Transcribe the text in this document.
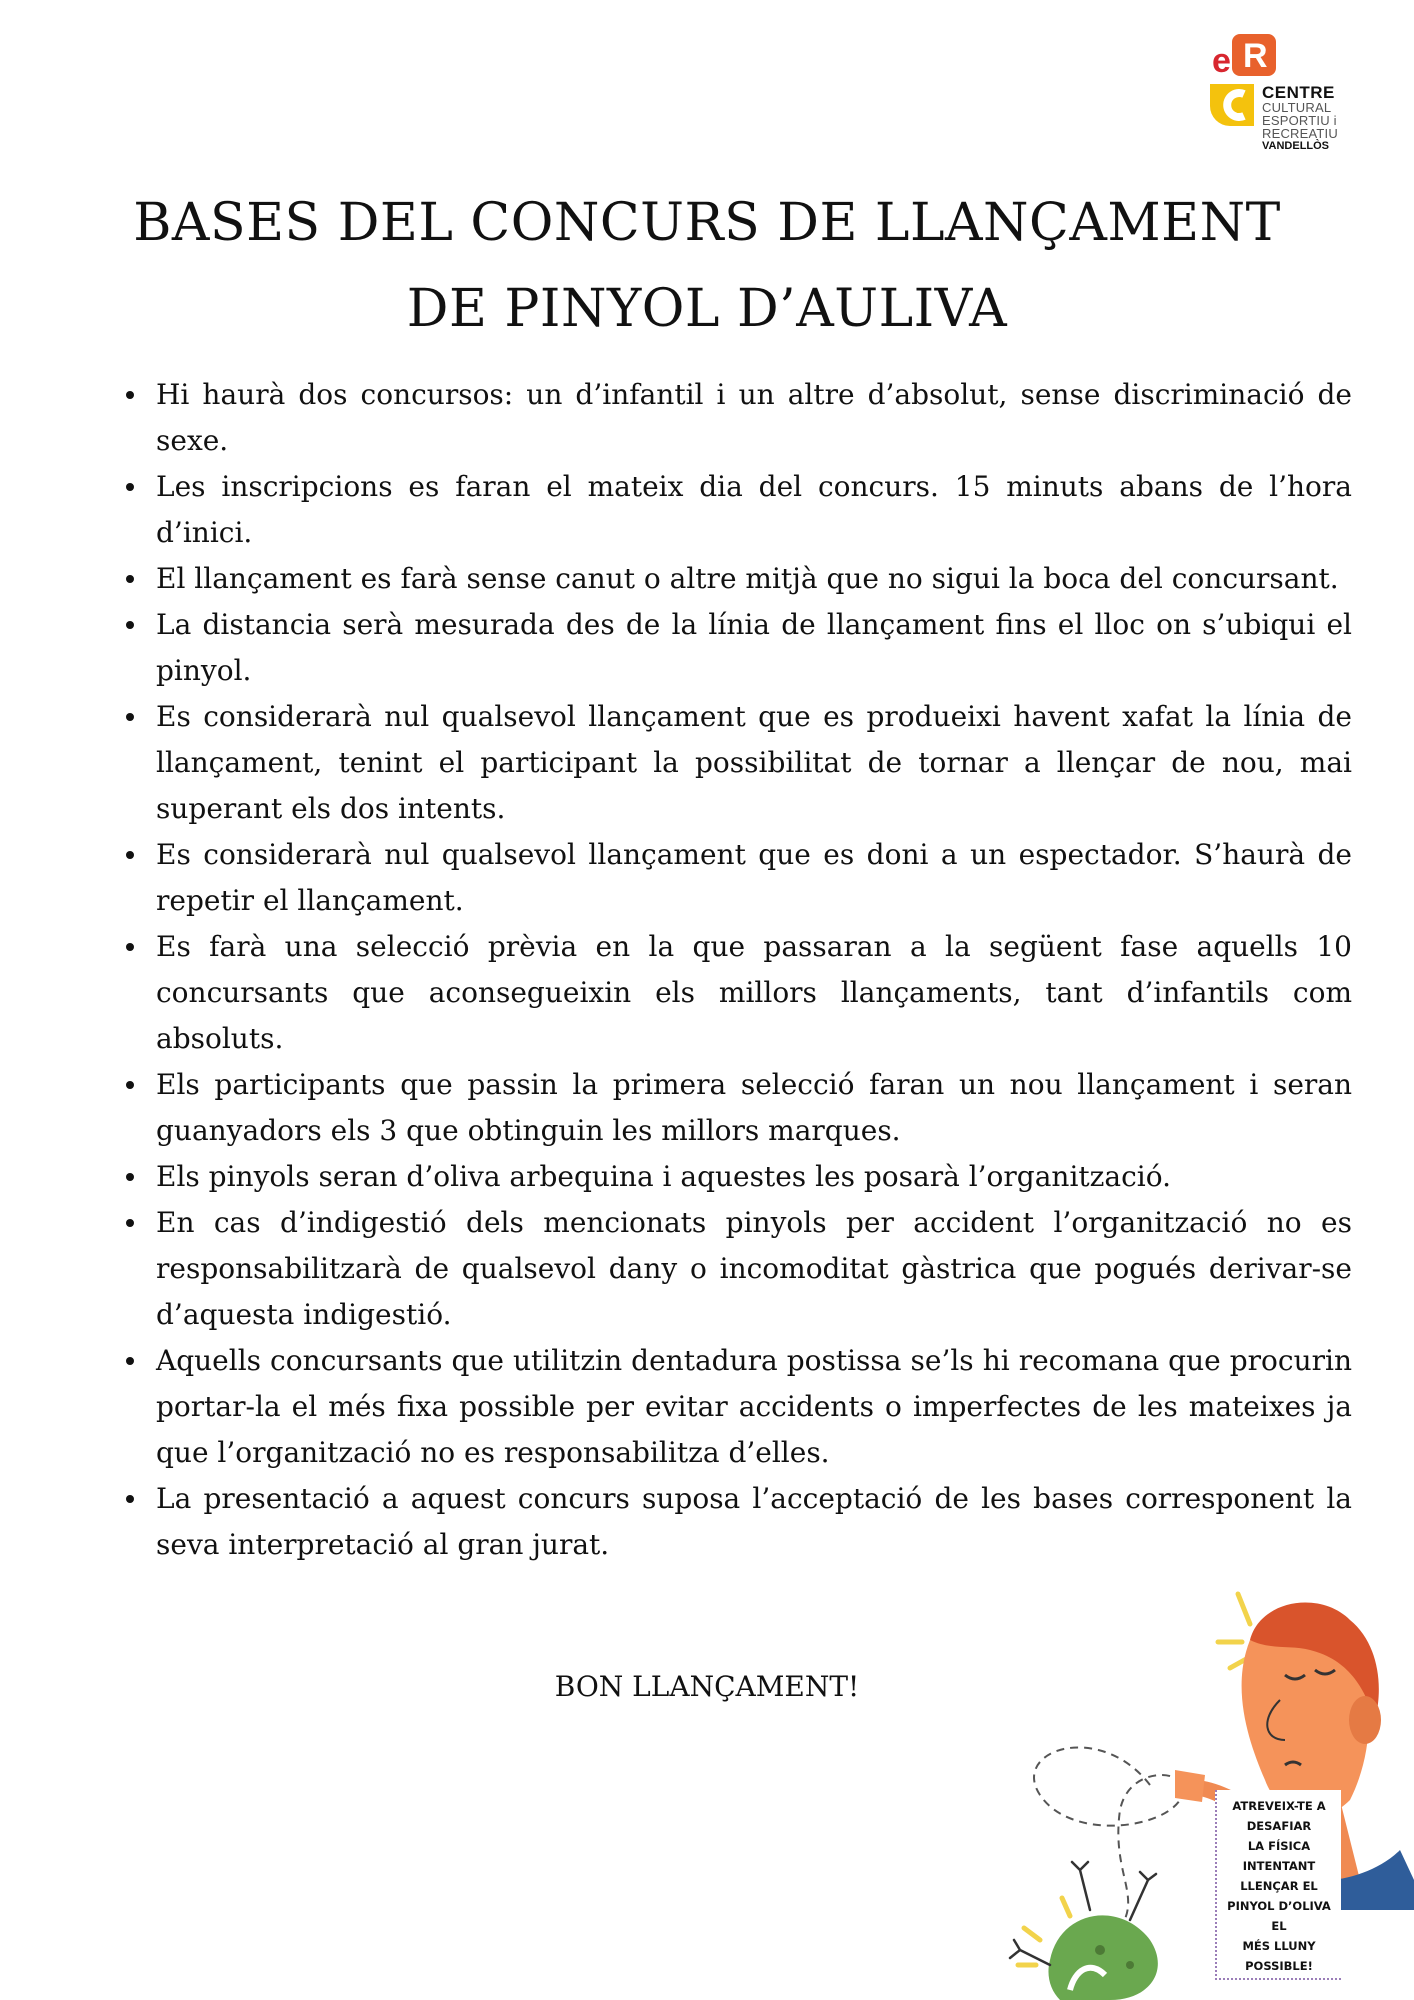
R
e
CENTRE
CULTURAL
ESPORTIU i
RECREATIU
VANDELLÒS
BASES DEL CONCURS DE LLANÇAMENT
DE PINYOL D’AULIVA
Hi haurà dos concursos: un d’infantil i un altre d’absolut, sense discriminació de sexe.
Les inscripcions es faran el mateix dia del concurs. 15 minuts abans de l’hora d’inici.
El llançament es farà sense canut o altre mitjà que no sigui la boca del concursant.
La distancia serà mesurada des de la línia de llançament fins el lloc on s’ubiqui el pinyol.
Es considerarà nul qualsevol llançament que es produeixi havent xafat la línia de llançament, tenint el participant la possibilitat de tornar a llençar de nou, mai superant els dos intents.
Es considerarà nul qualsevol llançament que es doni a un espectador. S’haurà de repetir el llançament.
Es farà una selecció prèvia en la que passaran a la següent fase aquells 10 concursants que aconsegueixin els millors llançaments, tant d’infantils com absoluts.
Els participants que passin la primera selecció faran un nou llançament i seran guanyadors els 3 que obtinguin les millors marques.
Els pinyols seran d’oliva arbequina i aquestes les posarà l’organització.
En cas d’indigestió dels mencionats pinyols per accident l’organització no es responsabilitzarà de qualsevol dany o incomoditat gàstrica que pogués derivar-se d’aquesta indigestió.
Aquells concursants que utilitzin dentadura postissa se’ls hi recomana que procurin portar-la el més fixa possible per evitar accidents o imperfectes de les mateixes ja que l’organització no es responsabilitza d’elles.
La presentació a aquest concurs suposa l’acceptació de les bases corresponent la seva interpretació al gran jurat.
BON LLANÇAMENT!
ATREVEIX-TE A
DESAFIAR
LA FÍSICA
INTENTANT
LLENÇAR EL
PINYOL D’OLIVA EL
MÉS LLUNY
POSSIBLE!
